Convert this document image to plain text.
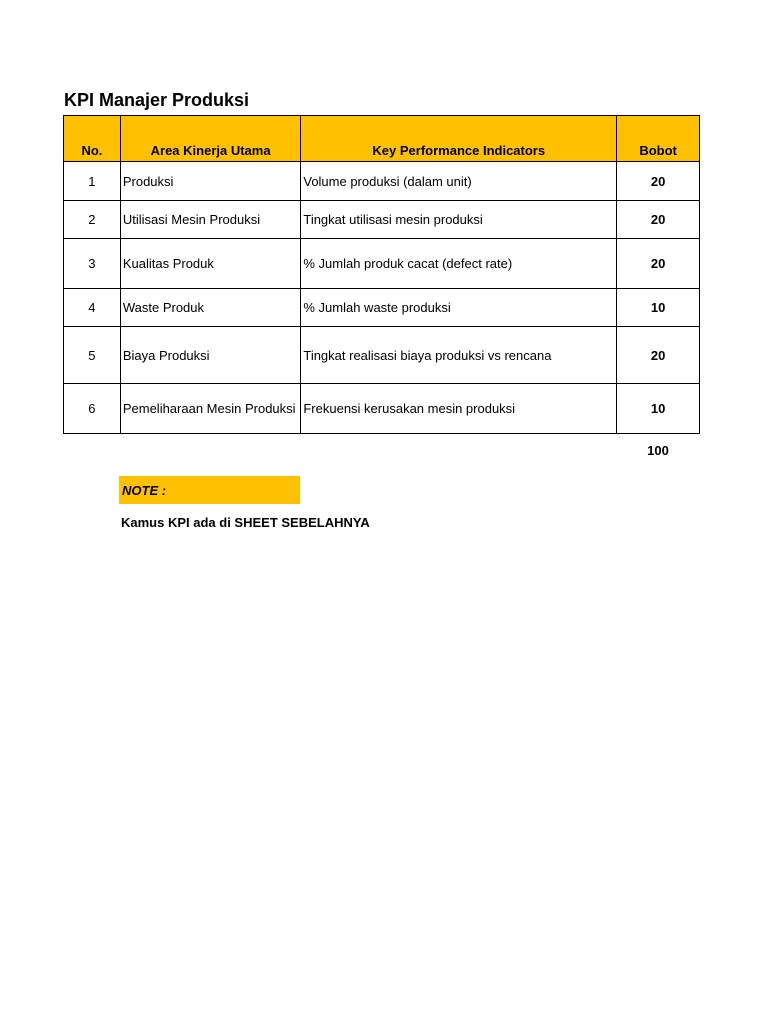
KPI Manajer Produksi
No.	Area Kinerja Utama	Key Performance Indicators	Bobot
1	Produksi	Volume produksi (dalam unit)	20
2	Utilisasi Mesin Produksi	Tingkat utilisasi mesin produksi	20
3	Kualitas Produk	% Jumlah produk cacat (defect rate)	20
4	Waste Produk	% Jumlah waste produksi	10
5	Biaya Produksi	Tingkat realisasi biaya produksi vs rencana	20
6	Pemeliharaan Mesin Produksi	Frekuensi kerusakan mesin produksi	10
100
NOTE :
Kamus KPI ada di SHEET SEBELAHNYA
